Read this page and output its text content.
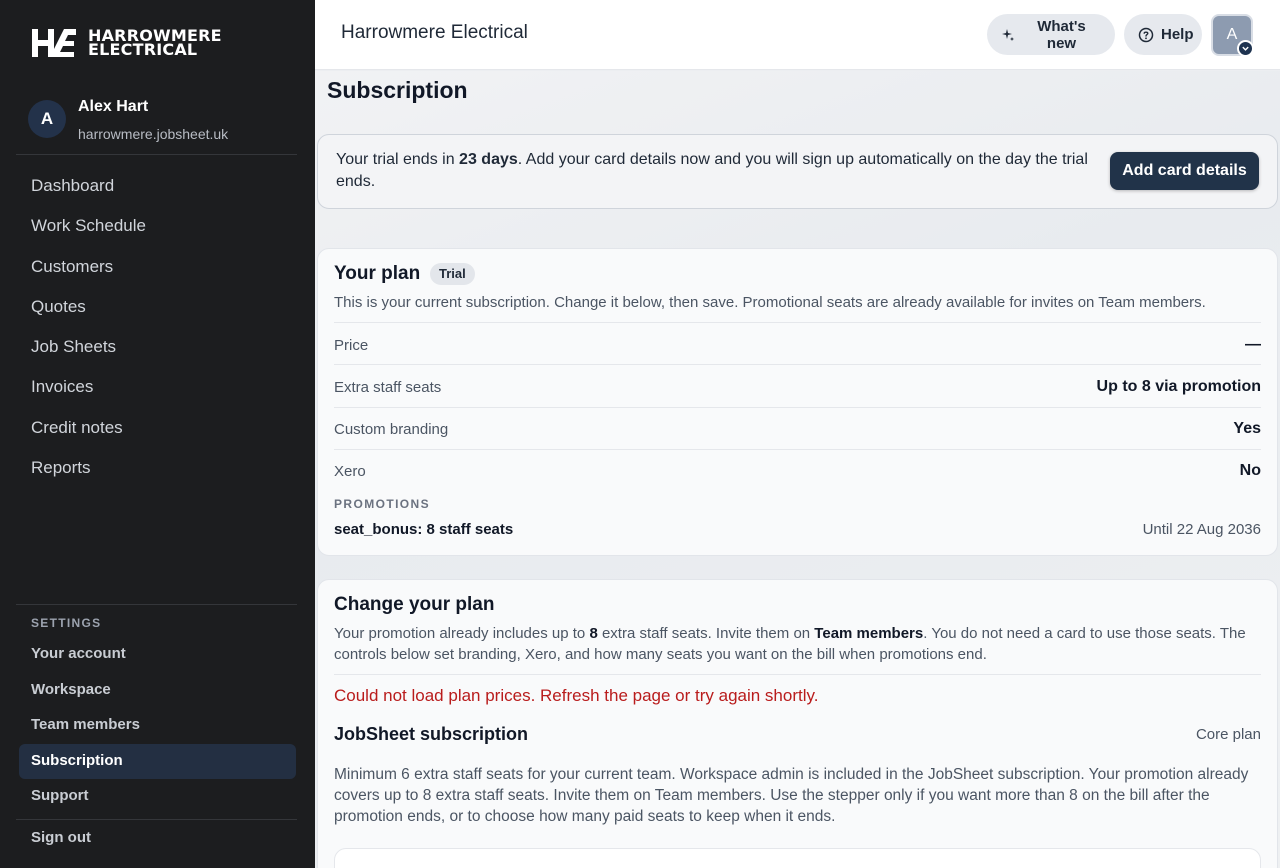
HARROWMERE
ELECTRICAL
A
Alex Hart
harrowmere.jobsheet.uk
Dashboard
Work Schedule
Customers
Quotes
Job Sheets
Invoices
Credit notes
Reports
SETTINGS
Your account
Workspace
Team members
Subscription
Support
Sign out
Harrowmere Electrical	What's new	Help A
Subscription

Your trial ends in 23 days. Add your card details now and you will sign up automatically on the day the trial ends.

Add card details
Your plan	Trial

This is your current subscription. Change it below, then save. Promotional seats are already available for invites on Team members.

Price	—
Extra staff seats	Up to 8 via promotion
Custom branding	Yes
Xero	No
PROMOTIONS
seat_bonus: 8 staff seats	Until 22 Aug 2036
Change your plan

Your promotion already includes up to 8 extra staff seats. Invite them on Team members. You do not need a card to use those seats. The controls below set branding, Xero, and how many seats you want on the bill when promotions end.

Could not load plan prices. Refresh the page or try again shortly.

JobSheet subscription	Core plan

Minimum 6 extra staff seats for your current team. Workspace admin is included in the JobSheet subscription. Your promotion already covers up to 8 extra staff seats. Invite them on Team members. Use the stepper only if you want more than 8 on the bill after the promotion ends, or to choose how many paid seats to keep when it ends.
